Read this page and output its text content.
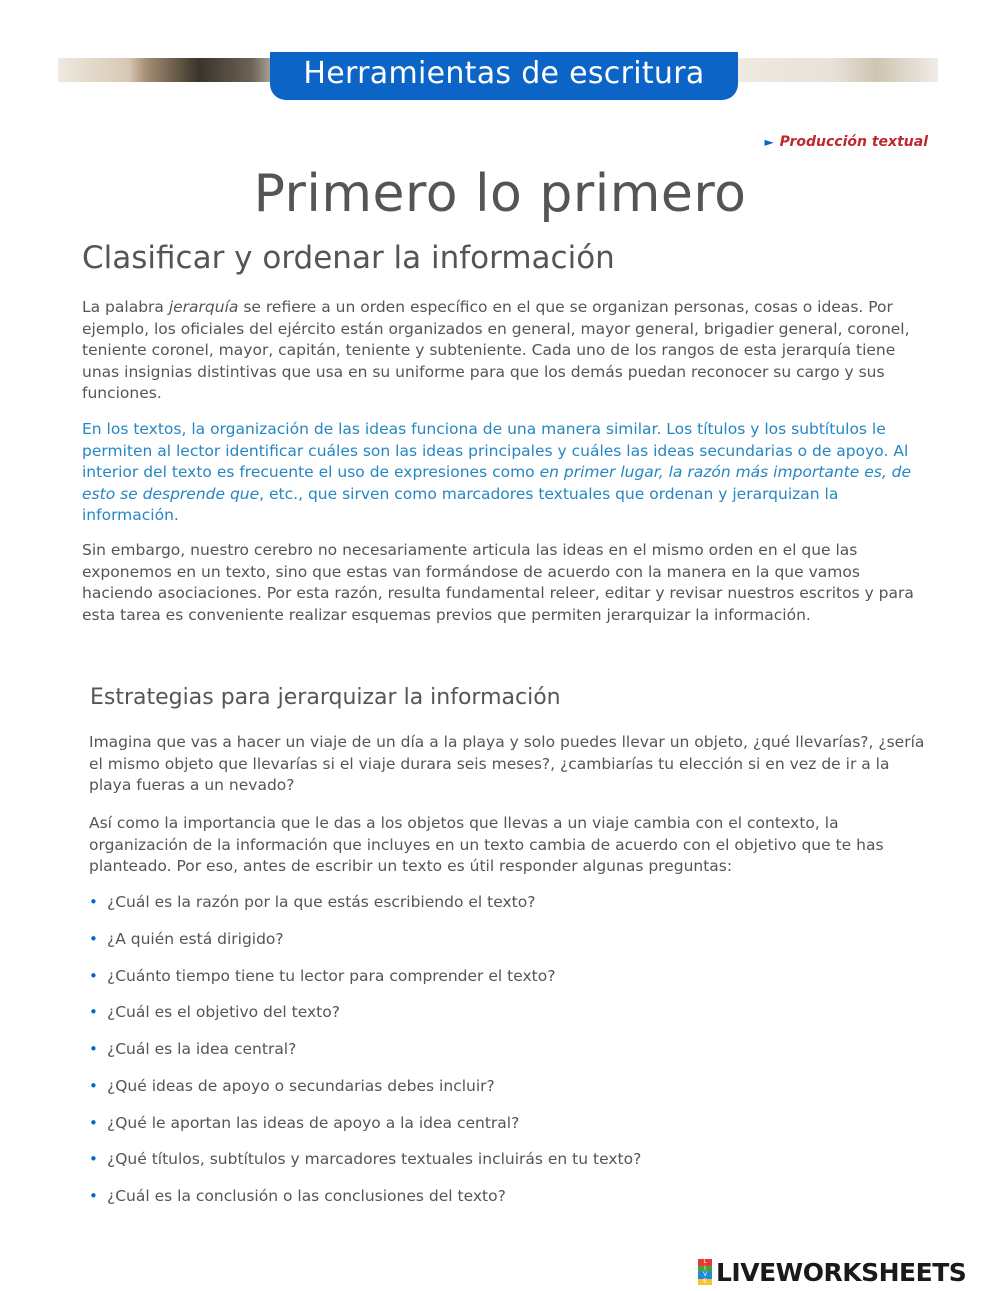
Herramientas de escritura
► Producción textual
Primero lo primero
Clasificar y ordenar la información

La palabra jerarquía se refiere a un orden específico en el que se organizan personas, cosas o ideas. Por ejemplo, los oficiales del ejército están organizados en general, mayor general, brigadier general, coronel, teniente coronel, mayor, capitán, teniente y subteniente. Cada uno de los rangos de esta jerarquía tiene unas insignias distintivas que usa en su uniforme para que los demás puedan reconocer su cargo y sus funciones.

En los textos, la organización de las ideas funciona de una manera similar. Los títulos y los subtítulos le permiten al lector identificar cuáles son las ideas principales y cuáles las ideas secundarias o de apoyo. Al interior del texto es frecuente el uso de expresiones como en primer lugar, la razón más importante es, de esto se desprende que, etc., que sirven como marcadores textuales que ordenan y jerarquizan la información.

Sin embargo, nuestro cerebro no necesariamente articula las ideas en el mismo orden en el que las exponemos en un texto, sino que estas van formándose de acuerdo con la manera en la que vamos haciendo asociaciones. Por esta razón, resulta fundamental releer, editar y revisar nuestros escritos y para esta tarea es conveniente realizar esquemas previos que permiten jerarquizar la información.

Estrategias para jerarquizar la información

Imagina que vas a hacer un viaje de un día a la playa y solo puedes llevar un objeto, ¿qué llevarías?, ¿sería el mismo objeto que llevarías si el viaje durara seis meses?, ¿cambiarías tu elección si en vez de ir a la playa fueras a un nevado?

Así como la importancia que le das a los objetos que llevas a un viaje cambia con el contexto, la organización de la información que incluyes en un texto cambia de acuerdo con el objetivo que te has planteado. Por eso, antes de escribir un texto es útil responder algunas preguntas:

• ¿Cuál es la razón por la que estás escribiendo el texto?
• ¿A quién está dirigido?
• ¿Cuánto tiempo tiene tu lector para comprender el texto?
• ¿Cuál es el objetivo del texto?
• ¿Cuál es la idea central?
• ¿Qué ideas de apoyo o secundarias debes incluir?
• ¿Qué le aportan las ideas de apoyo a la idea central?
• ¿Qué títulos, subtítulos y marcadores textuales incluirás en tu texto?
• ¿Cuál es la conclusión o las conclusiones del texto?
L
I
V
E LIVEWORKSHEETS
